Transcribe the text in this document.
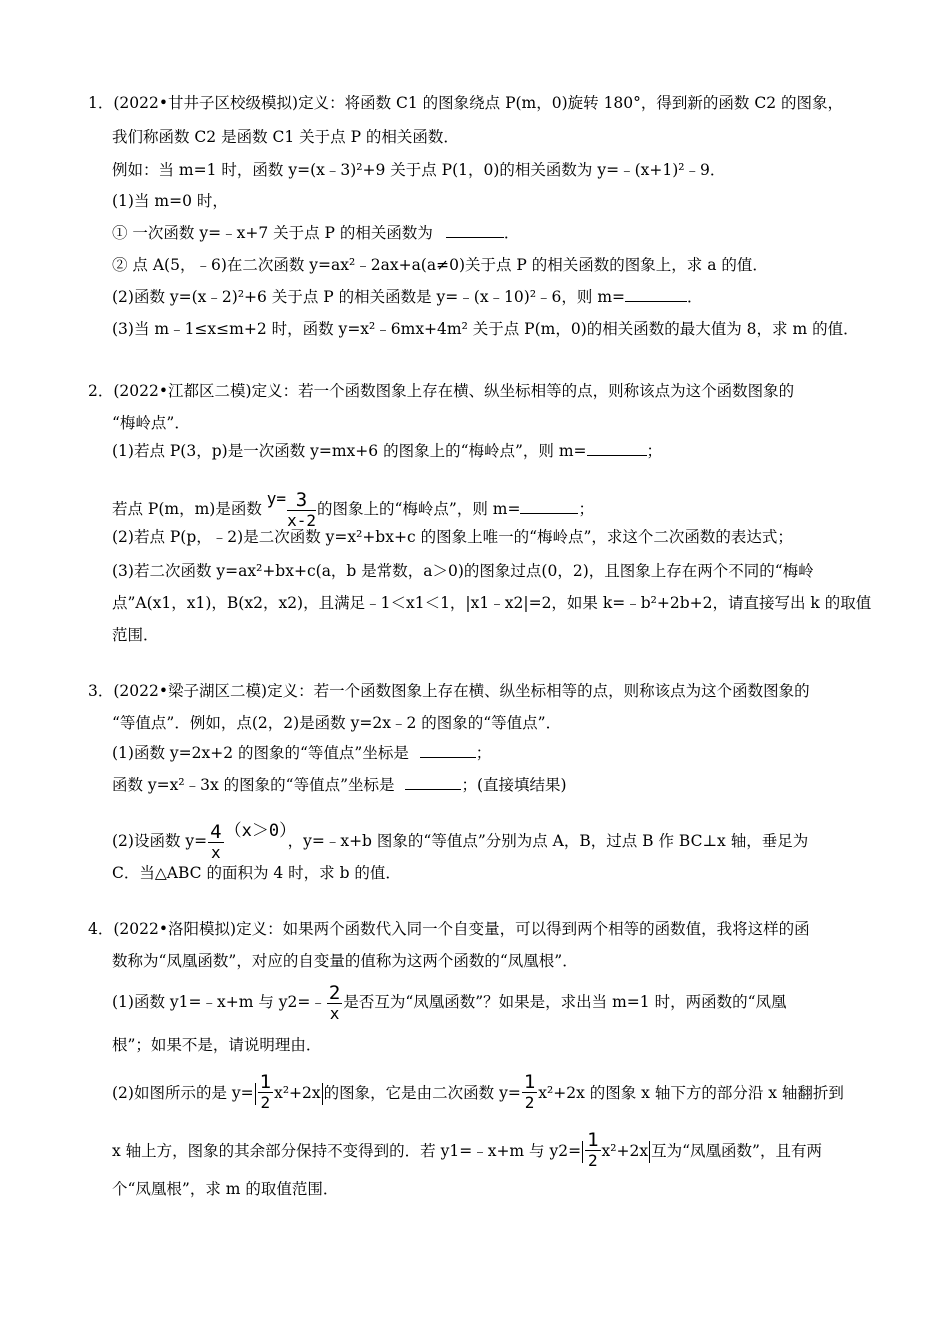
1．(2022•甘井子区校级模拟)定义：将函数 C1 的图象绕点 P(m，0)旋转 180°，得到新的函数 C2 的图象，
我们称函数 C2 是函数 C1 关于点 P 的相关函数．
例如：当 m=1 时，函数 y=(x﹣3)²+9 关于点 P(1，0)的相关函数为 y=﹣(x+1)²﹣9．
(1)当 m=0 时，
① 一次函数 y=﹣x+7 关于点 P 的相关函数为	．
② 点 A(5，﹣6)在二次函数 y=ax²﹣2ax+a(a≠0)关于点 P 的相关函数的图象上，求 a 的值．
(2)函数 y=(x﹣2)²+6 关于点 P 的相关函数是 y=﹣(x﹣10)²﹣6，则 m=	．
(3)当 m﹣1≤x≤m+2 时，函数 y=x²﹣6mx+4m² 关于点 P(m，0)的相关函数的最大值为 8，求 m 的值．
2．(2022•江都区二模)定义：若一个函数图象上存在横、纵坐标相等的点，则称该点为这个函数图象的
“梅岭点”．
(1)若点 P(3，p)是一次函数 y=mx+6 的图象上的“梅岭点”，则 m=	；
若点 P(m，m)是函数 $y= \frac{3}{x-2}$ 的图象上的“梅岭点”，则 m=	；
(2)若点 P(p，﹣2)是二次函数 y=x²+bx+c 的图象上唯一的“梅岭点”，求这个二次函数的表达式；
(3)若二次函数 y=ax²+bx+c(a，b 是常数，a＞0)的图象过点(0，2)，且图象上存在两个不同的“梅岭
点”A(x1，x1)，B(x2，x2)，且满足﹣1＜x1＜1，|x1﹣x2|=2，如果 k=﹣b²+2b+2，请直接写出 k 的取值
范围．
3．(2022•梁子湖区二模)定义：若一个函数图象上存在横、纵坐标相等的点，则称该点为这个函数图象的
“等值点”．例如，点(2，2)是函数 y=2x﹣2 的图象的“等值点”．
(1)函数 y=2x+2 的图象的“等值点”坐标是	；
函数 y=x²﹣3x 的图象的“等值点”坐标是	；(直接填结果)
(2)设函数 $y= \frac{4}{x} (x>0)$，y=﹣x+b 图象的“等值点”分别为点 A，B，过点 B 作 BC⊥x 轴，垂足为
C．当△ABC 的面积为 4 时，求 b 的值．
4．(2022•洛阳模拟)定义：如果两个函数代入同一个自变量，可以得到两个相等的函数值，我将这样的函
数称为“凤凰函数”，对应的自变量的值称为这两个函数的“凤凰根”．
(1)函数 y1=﹣x+m 与 y2=﹣ $\frac{2}{x}$ 是否互为“凤凰函数”？如果是，求出当 m=1 时，两函数的“凤凰
根”；如果不是，请说明理由．
(2)如图所示的是 $y= \frac{1}{2} x^2+2x$ 的图象，它是由二次函数 $y= \frac{1}{2} x^2+2x$ 的图象 x 轴下方的部分沿 x 轴翻折到
x 轴上方，图象的其余部分保持不变得到的．若 y1=﹣x+m 与 $y2= \frac{1}{2} x^2+2x$ 互为“凤凰函数”，且有两
个“凤凰根”，求 m 的取值范围．
